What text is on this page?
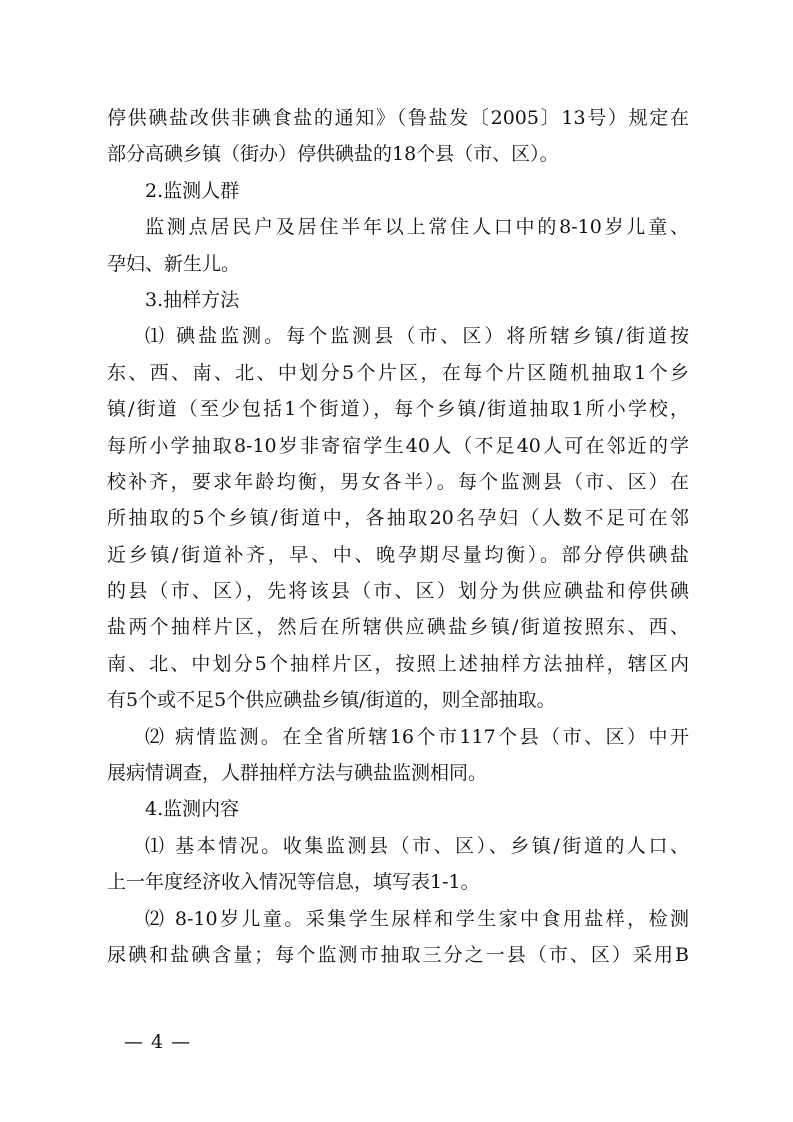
停供碘盐改供非碘食盐的通知》（鲁盐发〔2005〕13号）规定在
部分高碘乡镇（街办）停供碘盐的18个县（市、区）。
2.监测人群
监测点居民户及居住半年以上常住人口中的8-10岁儿童、
孕妇、新生儿。
3.抽样方法
⑴ 碘盐监测。每个监测县（市、区）将所辖乡镇/街道按
东、西、南、北、中划分5个片区，在每个片区随机抽取1个乡
镇/街道（至少包括1个街道），每个乡镇/街道抽取1所小学校，
每所小学抽取8-10岁非寄宿学生40人（不足40人可在邻近的学
校补齐，要求年龄均衡，男女各半）。每个监测县（市、区）在
所抽取的5个乡镇/街道中，各抽取20名孕妇（人数不足可在邻
近乡镇/街道补齐，早、中、晚孕期尽量均衡）。部分停供碘盐
的县（市、区），先将该县（市、区）划分为供应碘盐和停供碘
盐两个抽样片区，然后在所辖供应碘盐乡镇/街道按照东、西、
南、北、中划分5个抽样片区，按照上述抽样方法抽样，辖区内
有5个或不足5个供应碘盐乡镇/街道的，则全部抽取。
⑵ 病情监测。在全省所辖16个市117个县（市、区）中开
展病情调查，人群抽样方法与碘盐监测相同。
4.监测内容
⑴ 基本情况。收集监测县（市、区）、乡镇/街道的人口、
上一年度经济收入情况等信息，填写表1-1。
⑵ 8-10岁儿童。采集学生尿样和学生家中食用盐样，检测
尿碘和盐碘含量；每个监测市抽取三分之一县（市、区）采用B
— 4 —
